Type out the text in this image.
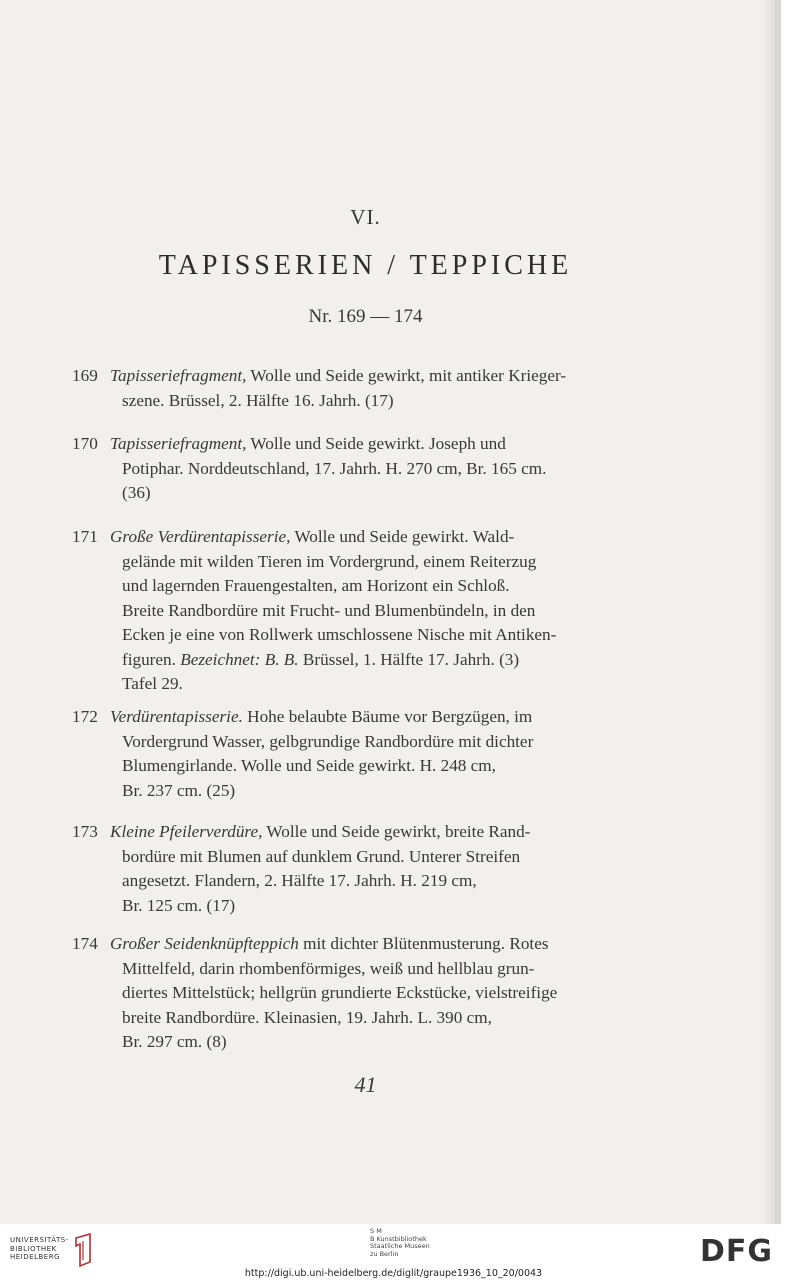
VI.
TAPISSERIEN / TEPPICHE
Nr. 169 — 174
169 Tapisseriefragment, Wolle und Seide gewirkt, mit antiker Krieger-
szene. Brüssel, 2. Hälfte 16. Jahrh. (17)
170 Tapisseriefragment, Wolle und Seide gewirkt. Joseph und
Potiphar. Norddeutschland, 17. Jahrh. H. 270 cm, Br. 165 cm.
(36)
171 Große Verdürentapisserie, Wolle und Seide gewirkt. Wald-
gelände mit wilden Tieren im Vordergrund, einem Reiterzug
und lagernden Frauengestalten, am Horizont ein Schloß.
Breite Randbordüre mit Frucht- und Blumenbündeln, in den
Ecken je eine von Rollwerk umschlossene Nische mit Antiken-
figuren. Bezeichnet: B. B. Brüssel, 1. Hälfte 17. Jahrh. (3)
Tafel 29.
172 Verdürentapisserie. Hohe belaubte Bäume vor Bergzügen, im
Vordergrund Wasser, gelbgrundige Randbordüre mit dichter
Blumengirlande. Wolle und Seide gewirkt. H. 248 cm,
Br. 237 cm. (25)
173 Kleine Pfeilerverdüre, Wolle und Seide gewirkt, breite Rand-
bordüre mit Blumen auf dunklem Grund. Unterer Streifen
angesetzt. Flandern, 2. Hälfte 17. Jahrh. H. 219 cm,
Br. 125 cm. (17)
174 Großer Seidenknüpfteppich mit dichter Blütenmusterung. Rotes
Mittelfeld, darin rhombenförmiges, weiß und hellblau grun-
diertes Mittelstück; hellgrün grundierte Eckstücke, vielstreifige
breite Randbordüre. Kleinasien, 19. Jahrh. L. 390 cm,
Br. 297 cm. (8)
41
UNIVERSITÄTS-
BIBLIOTHEK
HEIDELBERG
S M
B Kunstbibliothek
Staatliche Museen
zu Berlin	DFG
http://digi.ub.uni-heidelberg.de/diglit/graupe1936_10_20/0043
